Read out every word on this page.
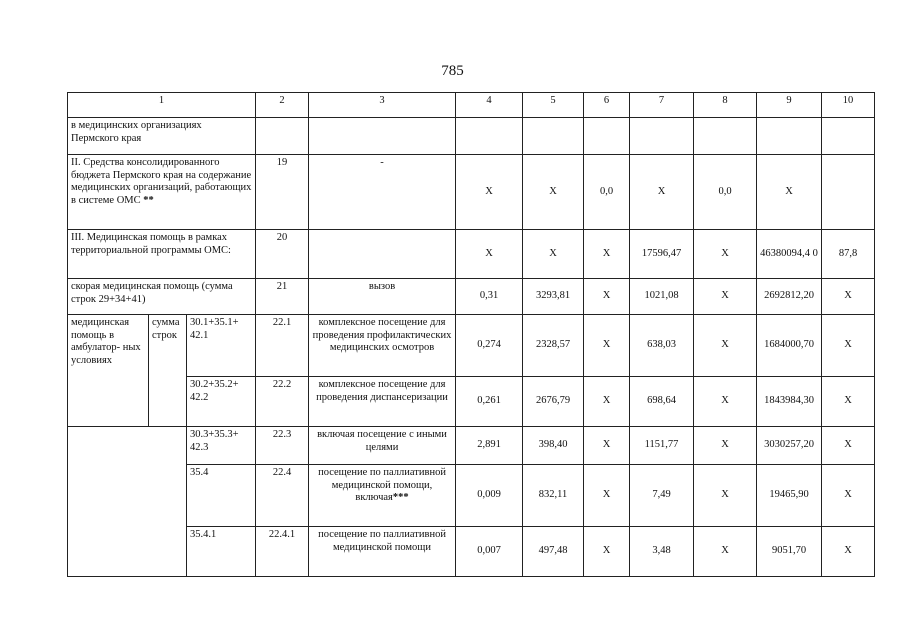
785
1			2	3	4	5	6	7	8	9	10
в медицинских организациях Пермского края											
II. Средства консолидированного бюджета Пермского края на содержание медицинских организаций, работающих в системе ОМС **			19	-	X	X	0,0	X	0,0	X	
III. Медицинская помощь в рамках территориальной программы ОМС:			20		X	X	X	17596,47	X	46380094,4 0	87,8
скорая медицинская помощь (сумма строк 29+34+41)			21	вызов	0,31	3293,81	X	1021,08	X	2692812,20	X
медицинская помощь в амбулатор- ных условиях	сумма строк	30.1+35.1+ 42.1	22.1	комплексное посещение для проведения профилактических медицинских осмотров	0,274	2328,57	X	638,03	X	1684000,70	X
		30.2+35.2+ 42.2	22.2	комплексное посещение для проведения диспансеризации	0,261	2676,79	X	698,64	X	1843984,30	X
		30.3+35.3+ 42.3	22.3	включая посещение с иными целями	2,891	398,40	X	1151,77	X	3030257,20	X
		35.4	22.4	посещение по паллиативной медицинской помощи, включая***	0,009	832,11	X	7,49	X	19465,90	X
		35.4.1	22.4.1	посещение по паллиативной медицинской помощи	0,007	497,48	X	3,48	X	9051,70	X
